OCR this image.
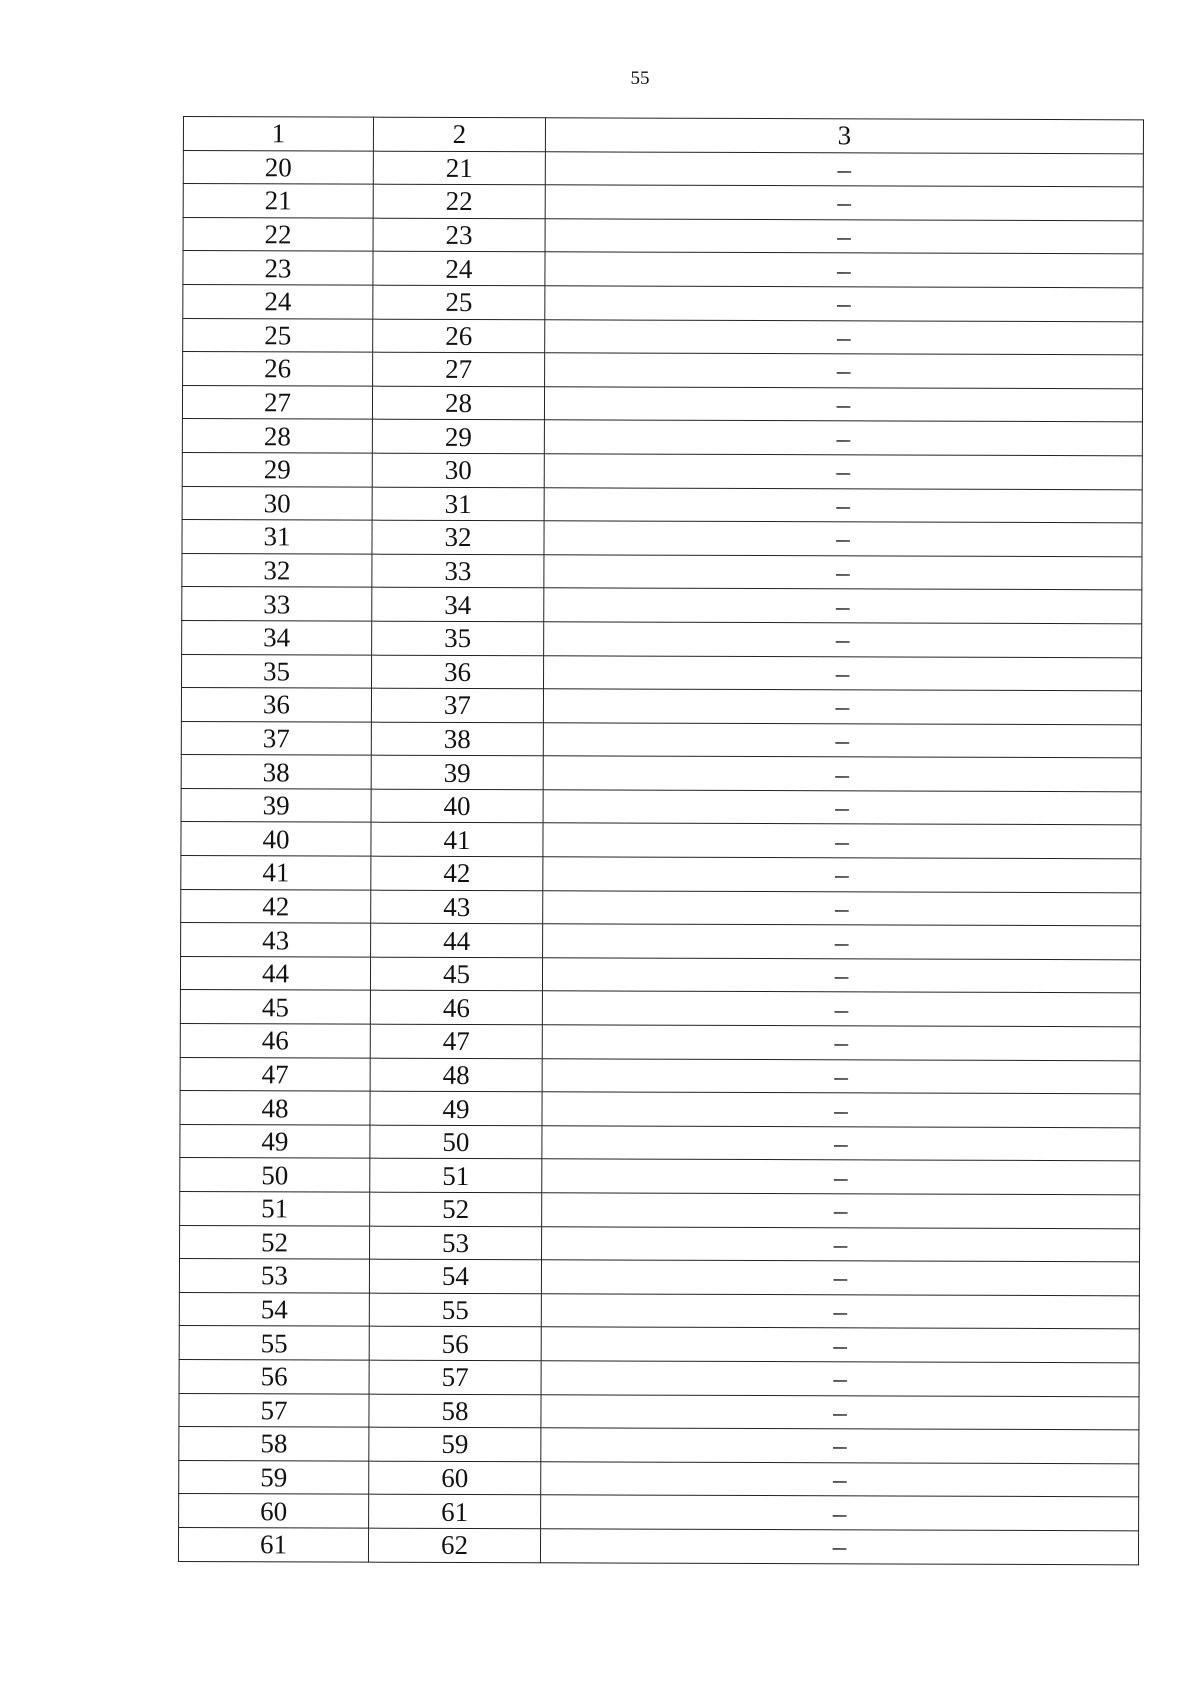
55
1	2	3
20	21	–
21	22	–
22	23	–
23	24	–
24	25	–
25	26	–
26	27	–
27	28	–
28	29	–
29	30	–
30	31	–
31	32	–
32	33	–
33	34	–
34	35	–
35	36	–
36	37	–
37	38	–
38	39	–
39	40	–
40	41	–
41	42	–
42	43	–
43	44	–
44	45	–
45	46	–
46	47	–
47	48	–
48	49	–
49	50	–
50	51	–
51	52	–
52	53	–
53	54	–
54	55	–
55	56	–
56	57	–
57	58	–
58	59	–
59	60	–
60	61	–
61	62	–
